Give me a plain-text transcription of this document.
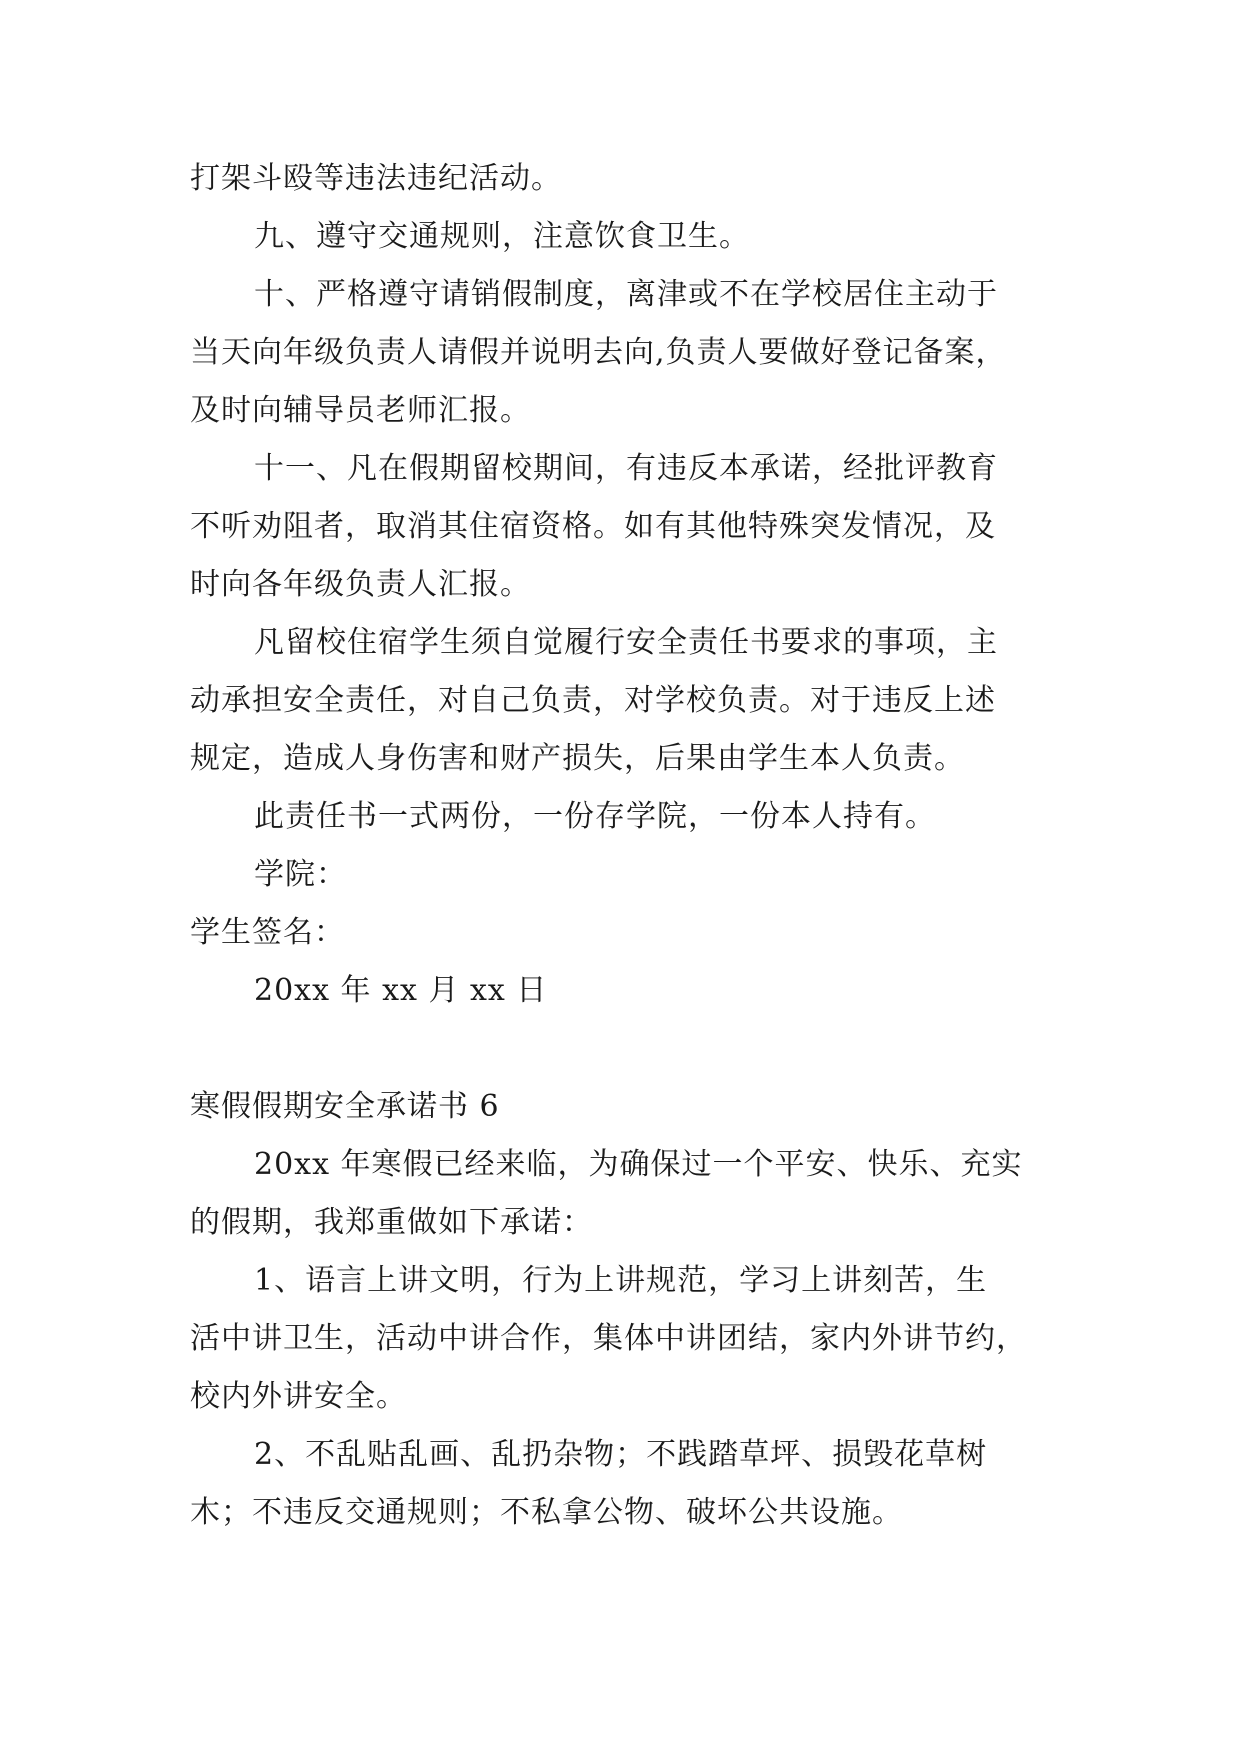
打架斗殴等违法违纪活动。
九、遵守交通规则，注意饮食卫生。
十、严格遵守请销假制度，离津或不在学校居住主动于
当天向年级负责人请假并说明去向,负责人要做好登记备案，
及时向辅导员老师汇报。
十一、凡在假期留校期间，有违反本承诺，经批评教育
不听劝阻者，取消其住宿资格。如有其他特殊突发情况，及
时向各年级负责人汇报。
凡留校住宿学生须自觉履行安全责任书要求的事项，主
动承担安全责任，对自己负责，对学校负责。对于违反上述
规定，造成人身伤害和财产损失，后果由学生本人负责。
此责任书一式两份，一份存学院，一份本人持有。
学院：
学生签名：
20xx 年 xx 月 xx 日
寒假假期安全承诺书 6
20xx 年寒假已经来临，为确保过一个平安、快乐、充实
的假期，我郑重做如下承诺：
1、语言上讲文明，行为上讲规范，学习上讲刻苦，生
活中讲卫生，活动中讲合作，集体中讲团结，家内外讲节约，
校内外讲安全。
2、不乱贴乱画、乱扔杂物；不践踏草坪、损毁花草树
木；不违反交通规则；不私拿公物、破坏公共设施。
